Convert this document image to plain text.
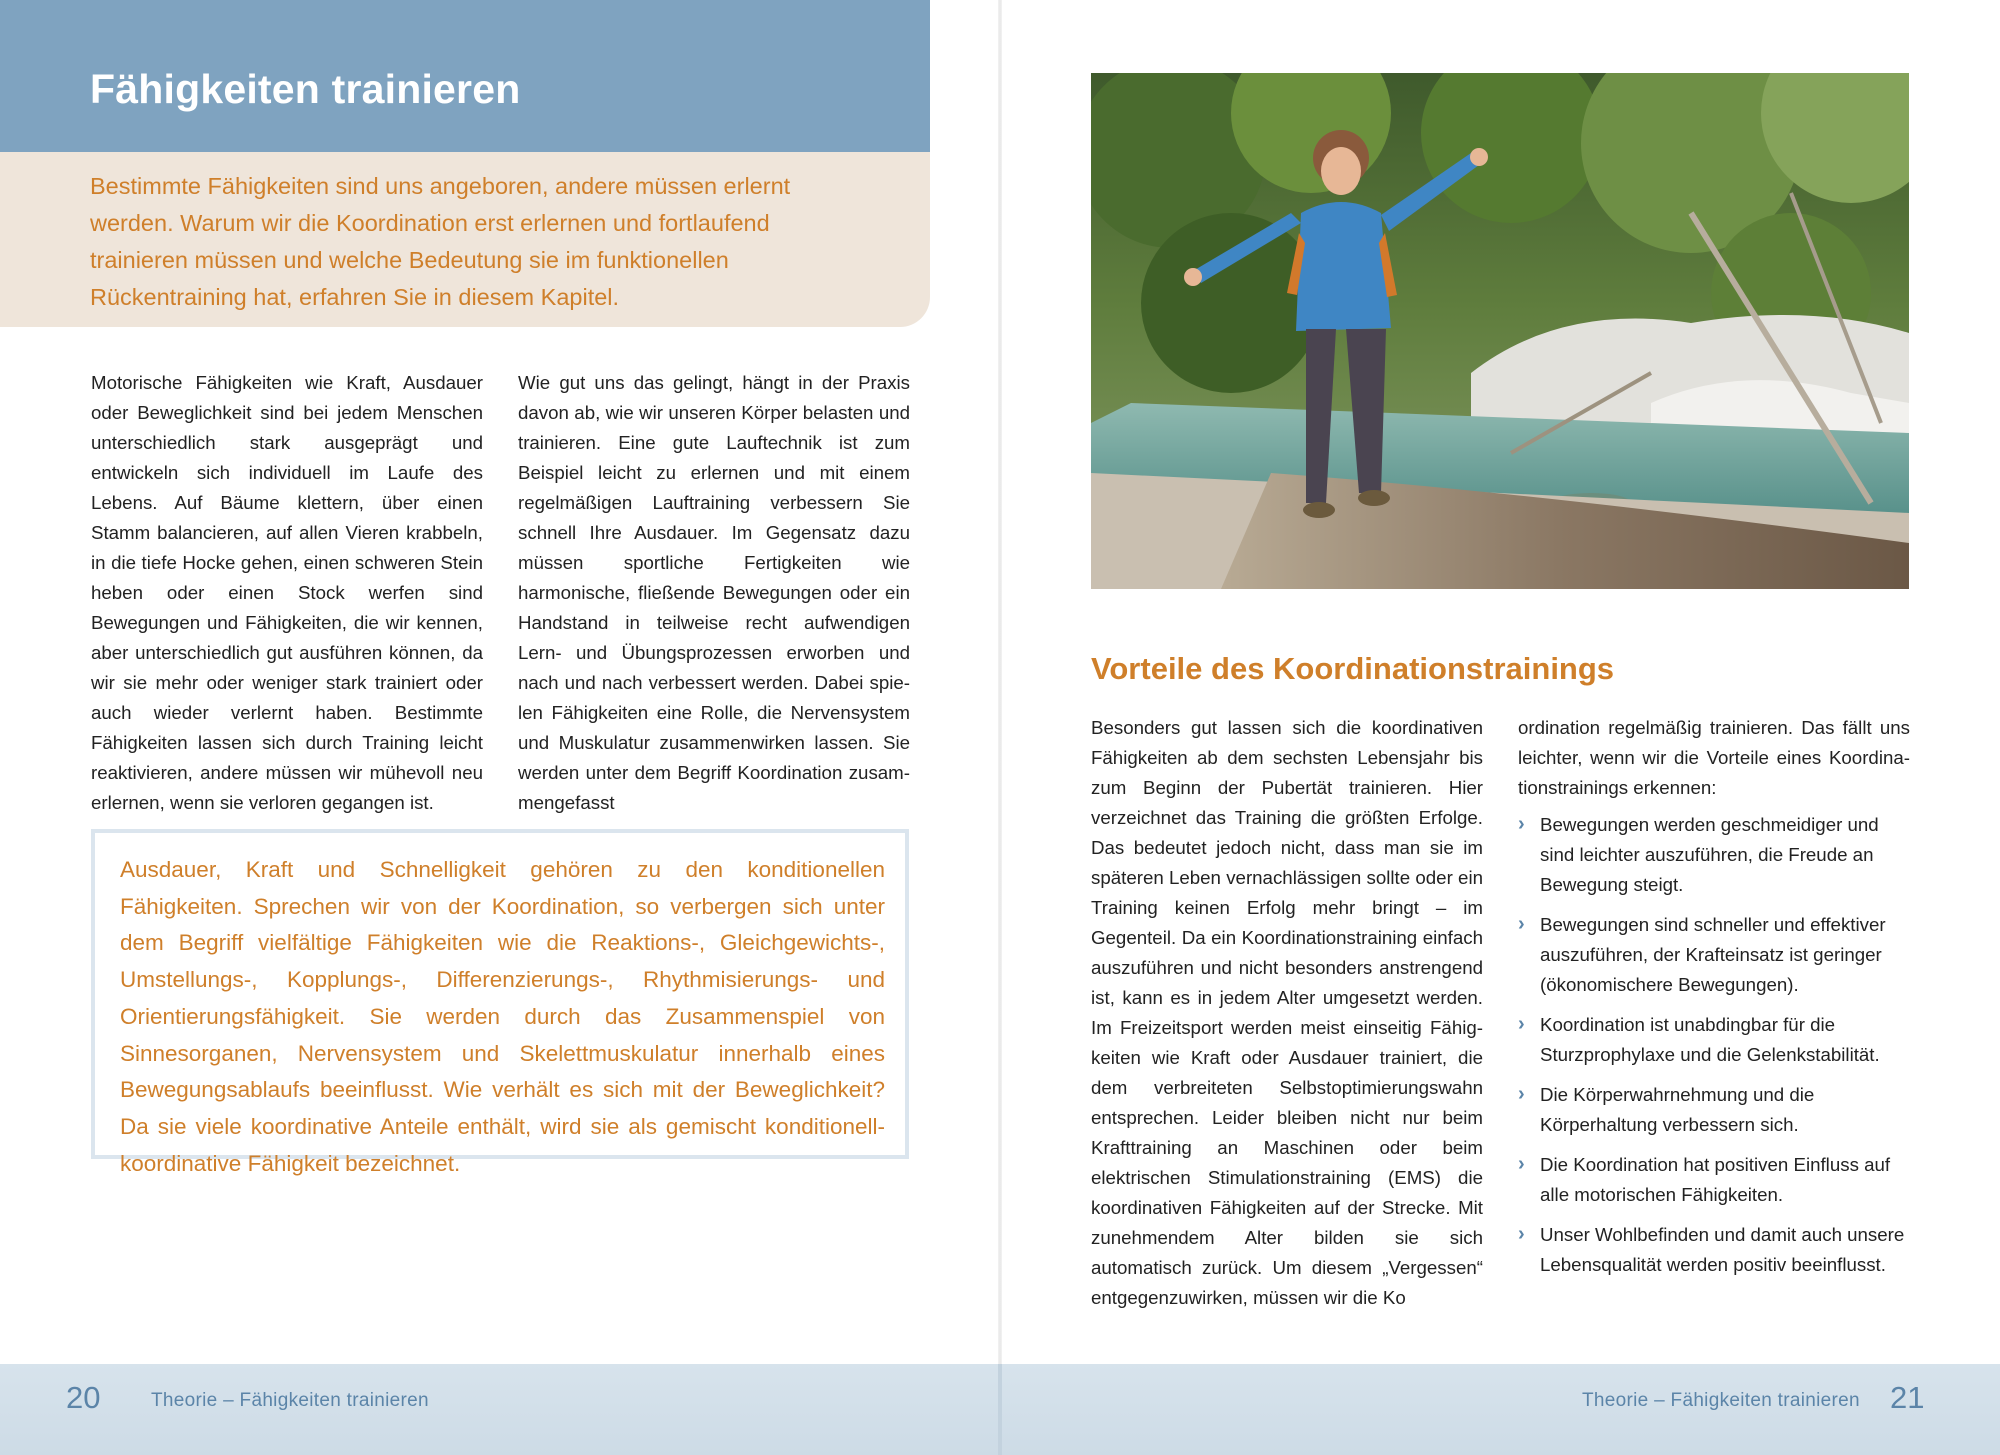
Fähigkeiten trainieren

Bestimmte Fähigkeiten sind uns angeboren, andere müssen erlernt werden. Warum wir die Koordination erst erlernen und fortlaufend trainieren müssen und welche Bedeutung sie im funktionellen Rückentraining hat, erfahren Sie in diesem Kapitel.

Motorische Fähigkeiten wie Kraft, Ausdauer oder Beweglichkeit sind bei jedem Menschen unterschiedlich stark ausgeprägt und entwickeln sich individuell im Laufe des Lebens. Auf Bäume klettern, über einen Stamm balancieren, auf allen Vieren krabbeln, in die tiefe Hocke gehen, einen schweren Stein heben oder einen Stock werfen sind Bewegungen und Fähigkeiten, die wir kennen, aber unterschiedlich gut ausführen können, da wir sie mehr oder weniger stark trainiert oder auch wieder verlernt haben. Bestimmte Fähigkeiten lassen sich durch Training leicht reaktivieren, andere müssen wir mühevoll neu erlernen, wenn sie verloren gegangen ist.

Wie gut uns das gelingt, hängt in der Praxis davon ab, wie wir unseren Körper belasten und trainieren. Eine gute Lauftechnik ist zum Beispiel leicht zu erlernen und mit einem regelmäßigen Lauftraining verbessern Sie schnell Ihre Ausdauer. Im Gegensatz dazu müssen sportliche Fertigkeiten wie harmonische, fließende Bewegungen oder ein Handstand in teilweise recht aufwendigen Lern- und Übungsprozessen erworben und nach und nach verbessert werden. Dabei spielen Fähigkeiten eine Rolle, die Nervensystem und Muskulatur zusammenwirken lassen. Sie werden unter dem Begriff Koordination zusammengefasst

Ausdauer, Kraft und Schnelligkeit gehören zu den konditionellen Fähigkeiten. Sprechen wir von der Koordination, so verbergen sich unter dem Begriff vielfältige Fähigkeiten wie die Reaktions-, Gleichgewichts-, Umstellungs-, Kopplungs-, Differenzierungs-, Rhythmisierungs- und Orientierungsfähigkeit. Sie werden durch das Zusammenspiel von Sinnesorganen, Nervensystem und Skelettmuskulatur innerhalb eines Bewegungsablaufs beeinflusst. Wie verhält es sich mit der Beweglichkeit? Da sie viele koordinative Anteile enthält, wird sie als gemischt konditionell-koordinative Fähigkeit bezeichnet.

Vorteile des Koordinationstrainings

Besonders gut lassen sich die koordinativen Fähigkeiten ab dem sechsten Lebensjahr bis zum Beginn der Pubertät trainieren. Hier verzeichnet das Training die größten Erfolge. Das bedeutet jedoch nicht, dass man sie im späteren Leben vernachlässigen sollte oder ein Training keinen Erfolg mehr bringt – im Gegenteil. Da ein Koordinationstraining einfach auszuführen und nicht besonders anstrengend ist, kann es in jedem Alter umgesetzt werden. Im Freizeitsport werden meist einseitig Fähigkeiten wie Kraft oder Ausdauer trainiert, die dem verbreiteten Selbstoptimierungswahn entsprechen. Leider bleiben nicht nur beim Krafttraining an Maschinen oder beim elektrischen Stimulationstraining (EMS) die koordinativen Fähigkeiten auf der Strecke. Mit zunehmendem Alter bilden sie sich automatisch zurück. Um diesem „Vergessen“ entgegenzuwirken, müssen wir die Ko

ordination regelmäßig trainieren. Das fällt uns leichter, wenn wir die Vorteile eines Koordinationstrainings erkennen:

› Bewegungen werden geschmeidiger und sind leichter auszuführen, die Freude an Bewegung steigt.
› Bewegungen sind schneller und effektiver auszuführen, der Krafteinsatz ist geringer (ökonomischere Bewegungen).
› Koordination ist unabdingbar für die Sturzprophylaxe und die Gelenkstabilität.
› Die Körperwahrnehmung und die Körperhaltung verbessern sich.
› Die Koordination hat positiven Einfluss auf alle motorischen Fähigkeiten.
› Unser Wohlbefinden und damit auch unsere Lebensqualität werden positiv beeinflusst.
20	Theorie – Fähigkeiten trainieren	Theorie – Fähigkeiten trainieren 21
